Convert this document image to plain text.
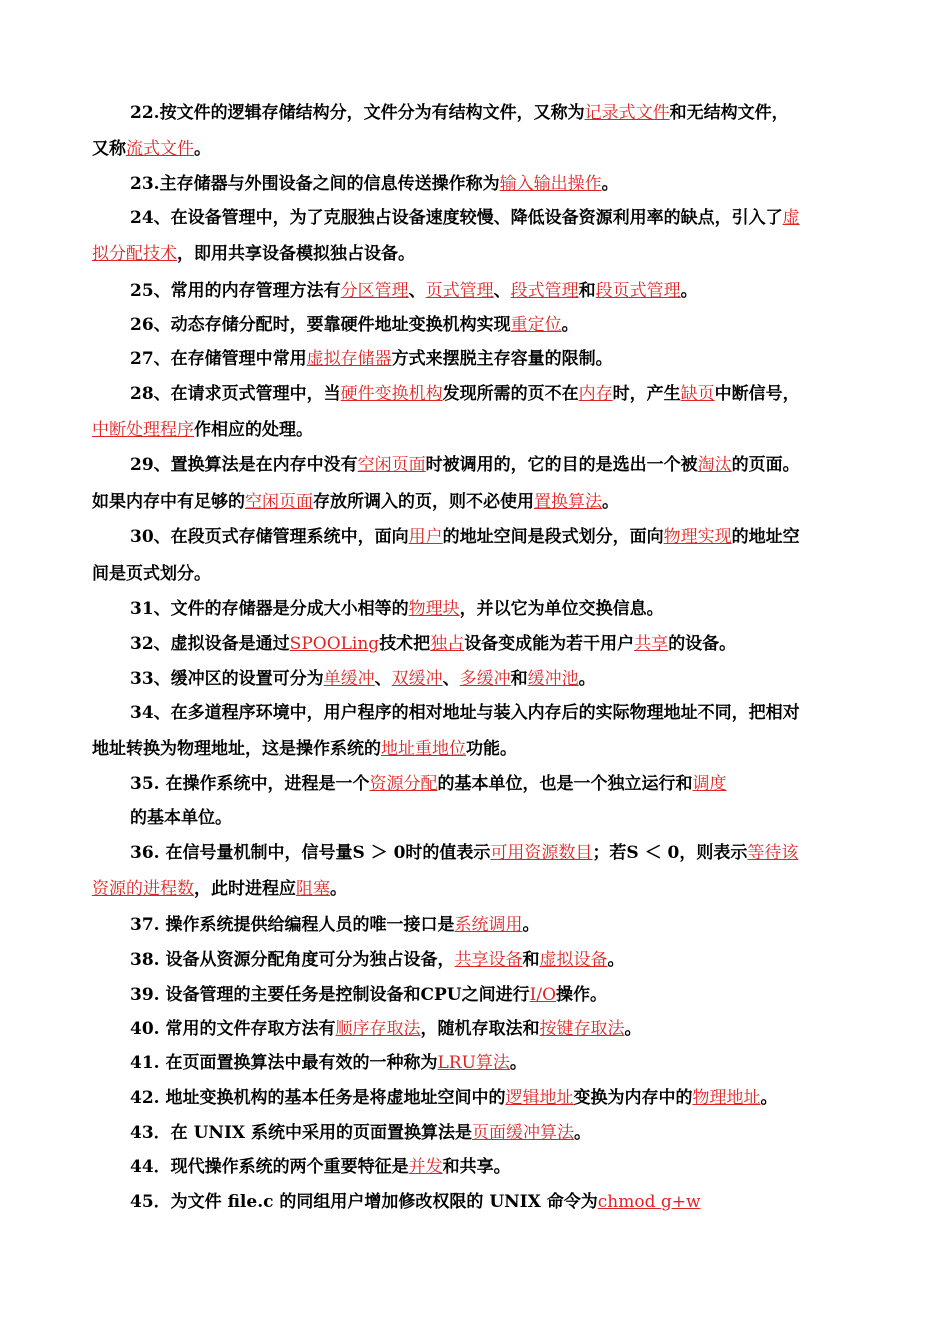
22.按文件的逻辑存储结构分，文件分为有结构文件，又称为记录式文件和无结构文件，
又称流式文件。
23.主存储器与外围设备之间的信息传送操作称为输入输出操作。
24、在设备管理中，为了克服独占设备速度较慢、降低设备资源利用率的缺点，引入了虚
拟分配技术，即用共享设备模拟独占设备。
25、常用的内存管理方法有分区管理、页式管理、段式管理和段页式管理。
26、动态存储分配时，要靠硬件地址变换机构实现重定位。
27、在存储管理中常用虚拟存储器方式来摆脱主存容量的限制。
28、在请求页式管理中，当硬件变换机构发现所需的页不在内存时，产生缺页中断信号，
中断处理程序作相应的处理。
29、置换算法是在内存中没有空闲页面时被调用的，它的目的是选出一个被淘汰的页面。
如果内存中有足够的空闲页面存放所调入的页，则不必使用置换算法。
30、在段页式存储管理系统中，面向用户的地址空间是段式划分，面向物理实现的地址空
间是页式划分。
31、文件的存储器是分成大小相等的物理块，并以它为单位交换信息。
32、虚拟设备是通过SPOOLing技术把独占设备变成能为若干用户共享的设备。
33、缓冲区的设置可分为单缓冲、双缓冲、多缓冲和缓冲池。
34、在多道程序环境中，用户程序的相对地址与装入内存后的实际物理地址不同，把相对
地址转换为物理地址，这是操作系统的地址重地位功能。
35. 在操作系统中，进程是一个资源分配的基本单位，也是一个独立运行和调度
的基本单位。
36. 在信号量机制中，信号量S ＞ 0时的值表示可用资源数目；若S ＜ 0，则表示等待该
资源的进程数，此时进程应阻塞。
37. 操作系统提供给编程人员的唯一接口是系统调用。
38. 设备从资源分配角度可分为独占设备，共享设备和虚拟设备。
39. 设备管理的主要任务是控制设备和CPU之间进行I/O操作。
40. 常用的文件存取方法有顺序存取法，随机存取法和按键存取法。
41. 在页面置换算法中最有效的一种称为LRU算法。
42. 地址变换机构的基本任务是将虚地址空间中的逻辑地址变换为内存中的物理地址。
43．在 UNIX 系统中采用的页面置换算法是页面缓冲算法。
44．现代操作系统的两个重要特征是并发和共享。
45．为文件 file.c 的同组用户增加修改权限的 UNIX 命令为chmod g+w
